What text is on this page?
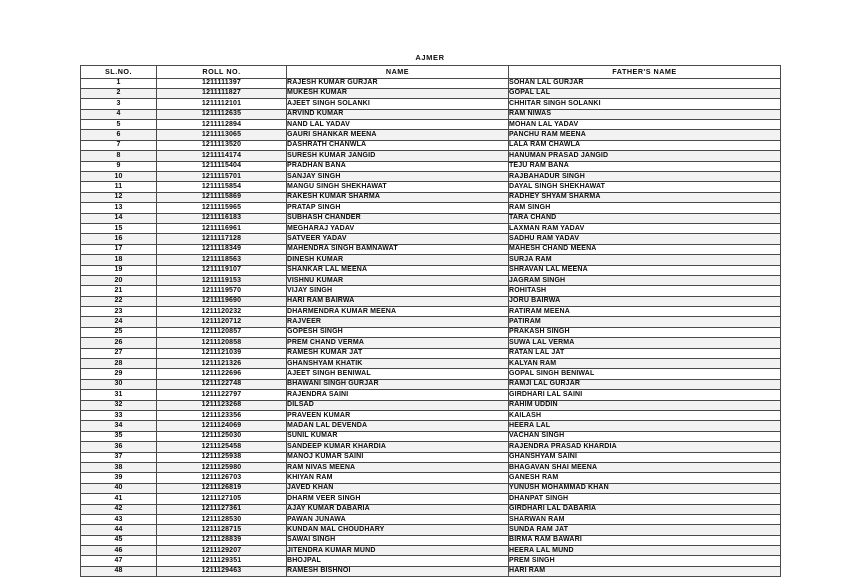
AJMER
SL.NO.	ROLL NO.	NAME	FATHER'S NAME
1	1211111397	RAJESH KUMAR GURJAR	SOHAN LAL GURJAR
2	1211111827	MUKESH KUMAR	GOPAL LAL
3	1211112101	AJEET SINGH SOLANKI	CHHITAR SINGH SOLANKI
4	1211112635	ARVIND KUMAR	RAM NIWAS
5	1211112894	NAND LAL YADAV	MOHAN LAL YADAV
6	1211113065	GAURI SHANKAR MEENA	PANCHU RAM MEENA
7	1211113520	DASHRATH CHANWLA	LALA RAM CHAWLA
8	1211114174	SURESH KUMAR JANGID	HANUMAN PRASAD JANGID
9	1211115404	PRADHAN BANA	TEJU RAM BANA
10	1211115701	SANJAY SINGH	RAJBAHADUR SINGH
11	1211115854	MANGU SINGH SHEKHAWAT	DAYAL SINGH SHEKHAWAT
12	1211115869	RAKESH KUMAR SHARMA	RADHEY SHYAM SHARMA
13	1211115965	PRATAP SINGH	RAM SINGH
14	1211116183	SUBHASH CHANDER	TARA CHAND
15	1211116961	MEGHARAJ YADAV	LAXMAN RAM YADAV
16	1211117128	SATVEER YADAV	SADHU RAM YADAV
17	1211118349	MAHENDRA SINGH BAMNAWAT	MAHESH CHAND MEENA
18	1211118563	DINESH KUMAR	SURJA RAM
19	1211119107	SHANKAR LAL MEENA	SHRAVAN LAL MEENA
20	1211119153	VISHNU KUMAR	JAGRAM SINGH
21	1211119570	VIJAY SINGH	ROHITASH
22	1211119690	HARI RAM BAIRWA	JORU BAIRWA
23	1211120232	DHARMENDRA KUMAR MEENA	RATIRAM MEENA
24	1211120712	RAJVEER	PATIRAM
25	1211120857	GOPESH SINGH	PRAKASH SINGH
26	1211120858	PREM CHAND VERMA	SUWA LAL VERMA
27	1211121039	RAMESH KUMAR JAT	RATAN LAL JAT
28	1211121326	GHANSHYAM KHATIK	KALYAN RAM
29	1211122696	AJEET SINGH BENIWAL	GOPAL SINGH BENIWAL
30	1211122748	BHAWANI SINGH GURJAR	RAMJI LAL GURJAR
31	1211122797	RAJENDRA SAINI	GIRDHARI LAL SAINI
32	1211123268	DILSAD	RAHIM UDDIN
33	1211123356	PRAVEEN KUMAR	KAILASH
34	1211124069	MADAN LAL DEVENDA	HEERA LAL
35	1211125030	SUNIL KUMAR	VACHAN SINGH
36	1211125458	SANDEEP KUMAR KHARDIA	RAJENDRA PRASAD KHARDIA
37	1211125938	MANOJ KUMAR SAINI	GHANSHYAM SAINI
38	1211125980	RAM NIVAS MEENA	BHAGAVAN SHAI MEENA
39	1211126703	KHIYAN RAM	GANESH RAM
40	1211126819	JAVED KHAN	YUNUSH MOHAMMAD KHAN
41	1211127105	DHARM VEER SINGH	DHANPAT SINGH
42	1211127361	AJAY KUMAR DABARIA	GIRDHARI LAL DABARIA
43	1211128530	PAWAN JUNAWA	SHARWAN RAM
44	1211128715	KUNDAN MAL CHOUDHARY	SUNDA RAM JAT
45	1211128839	SAWAI SINGH	BIRMA RAM BAWARI
46	1211129207	JITENDRA KUMAR MUND	HEERA LAL MUND
47	1211129351	BHOJPAL	PREM SINGH
48	1211129463	RAMESH BISHNOI	HARI RAM
